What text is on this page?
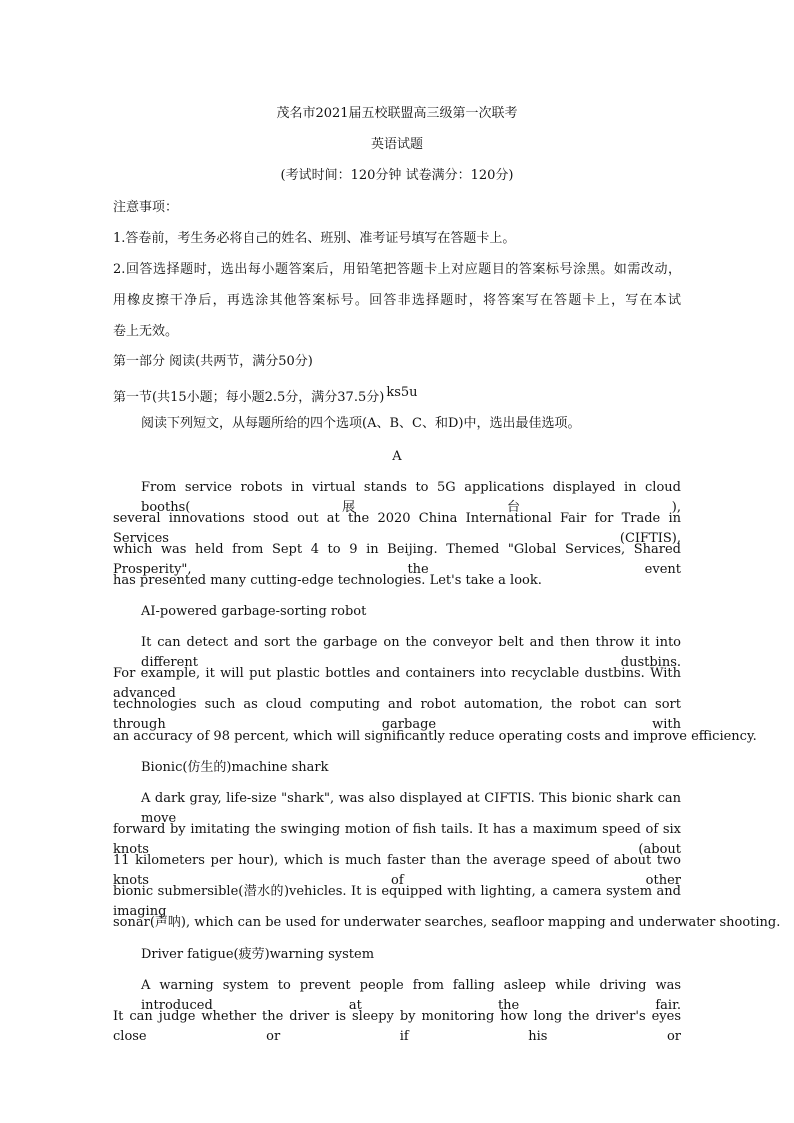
茂名市2021届五校联盟高三级第一次联考
英语试题
(考试时间：120分钟 试卷满分：120分)
注意事项：
1.答卷前，考生务必将自己的姓名、班别、准考证号填写在答题卡上。
2.回答选择题时，选出每小题答案后，用铅笔把答题卡上对应题目的答案标号涂黑。如需改动，
用橡皮擦干净后，再选涂其他答案标号。回答非选择题时，将答案写在答题卡上，写在本试
卷上无效。
第一部分 阅读(共两节，满分50分)
第一节(共15小题；每小题2.5分，满分37.5分) ks5u
阅读下列短文，从每题所给的四个选项(A、B、C、和D)中，选出最佳选项。
A
From service robots in virtual stands to 5G applications displayed in cloud booths(展台),
several innovations stood out at the 2020 China International Fair for Trade in Services (CIFTIS),
which was held from Sept 4 to 9 in Beijing. Themed "Global Services, Shared Prosperity", the event
has presented many cutting-edge technologies. Let's take a look.
AI-powered garbage-sorting robot
It can detect and sort the garbage on the conveyor belt and then throw it into different dustbins.
For example, it will put plastic bottles and containers into recyclable dustbins. With advanced
technologies such as cloud computing and robot automation, the robot can sort through garbage with
an accuracy of 98 percent, which will significantly reduce operating costs and improve efficiency.
Bionic(仿生的)machine shark
A dark gray, life-size "shark", was also displayed at CIFTIS. This bionic shark can move
forward by imitating the swinging motion of fish tails. It has a maximum speed of six knots (about
11 kilometers per hour), which is much faster than the average speed of about two knots of other
bionic submersible(潜水的)vehicles. It is equipped with lighting, a camera system and imaging
sonar(声呐), which can be used for underwater searches, seafloor mapping and underwater shooting.
Driver fatigue(疲劳)warning system
A warning system to prevent people from falling asleep while driving was introduced at the fair.
It can judge whether the driver is sleepy by monitoring how long the driver's eyes close or if his or
